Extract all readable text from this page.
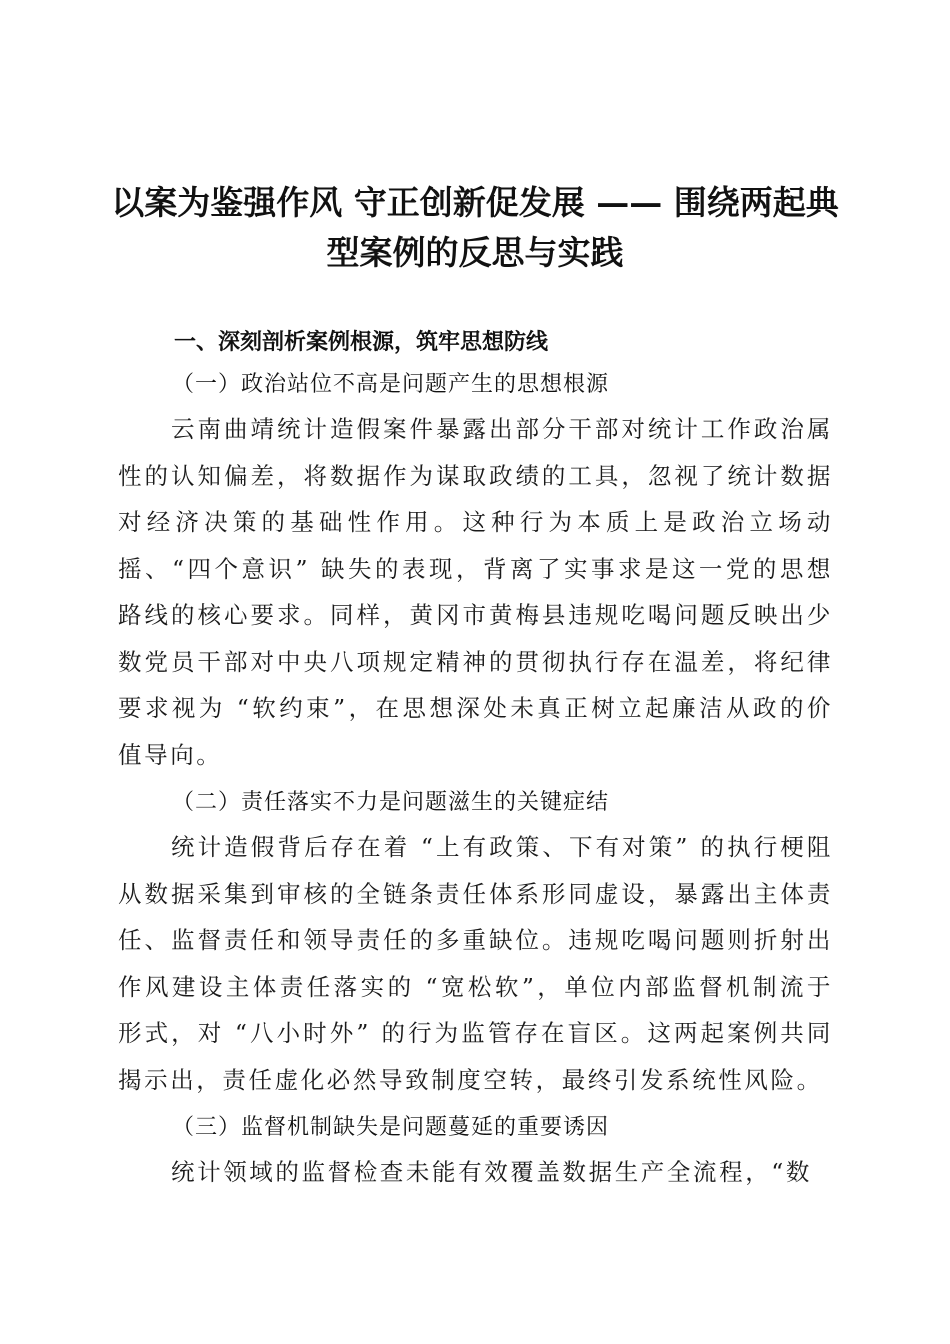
以案为鉴强作风 守正创新促发展 —— 围绕两起典型案例的反思与实践

一、深刻剖析案例根源，筑牢思想防线

（一）政治站位不高是问题产生的思想根源

云南曲靖统计造假案件暴露出部分干部对统计工作政治属性的认知偏差，将数据作为谋取政绩的工具，忽视了统计数据对经济决策的基础性作用。这种行为本质上是政治立场动摇、“四个意识” 缺失的表现，背离了实事求是这一党的思想路线的核心要求。同样，黄冈市黄梅县违规吃喝问题反映出少数党员干部对中央八项规定精神的贯彻执行存在温差，将纪律要求视为 “软约束”，在思想深处未真正树立起廉洁从政的价值导向。

（二）责任落实不力是问题滋生的关键症结

统计造假背后存在着 “上有政策、下有对策” 的执行梗阻从数据采集到审核的全链条责任体系形同虚设，暴露出主体责任、监督责任和领导责任的多重缺位。违规吃喝问题则折射出作风建设主体责任落实的 “宽松软”，单位内部监督机制流于形式，对 “八小时外” 的行为监管存在盲区。这两起案例共同揭示出，责任虚化必然导致制度空转，最终引发系统性风险。

（三）监督机制缺失是问题蔓延的重要诱因

统计领域的监督检查未能有效覆盖数据生产全流程，“数
